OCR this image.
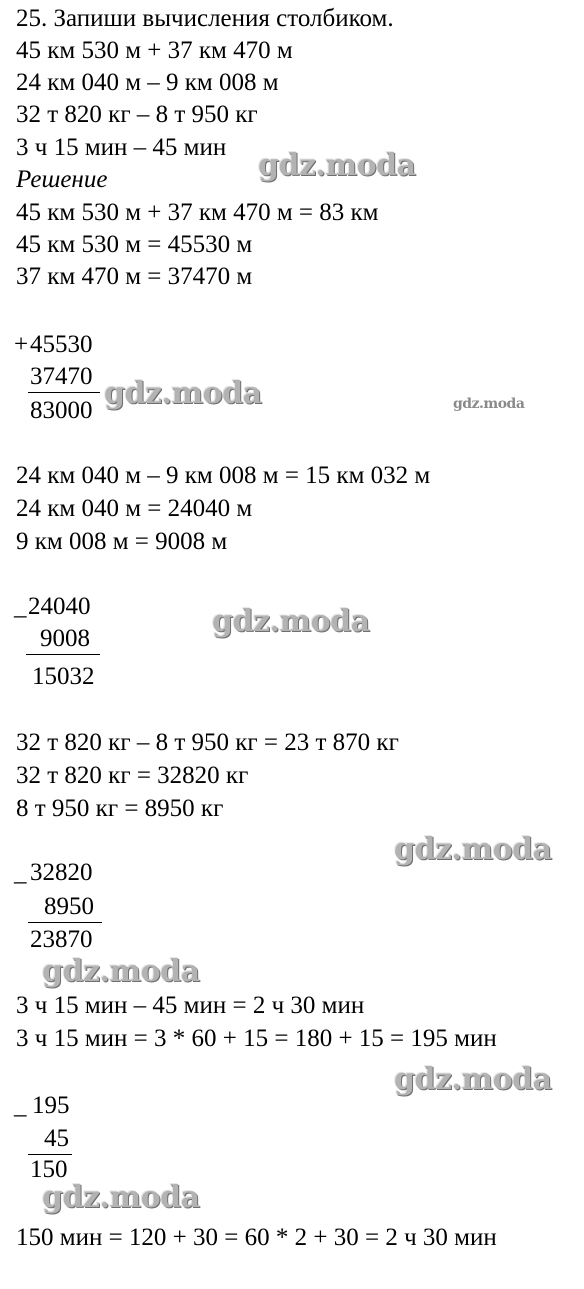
25. Запиши вычисления столбиком.
45 км 530 м + 37 км 470 м
24 км 040 м – 9 км 008 м
32 т 820 кг – 8 т 950 кг
3 ч 15 мин – 45 мин
Решение
45 км 530 м + 37 км 470 м = 83 км
45 км 530 м = 45530 м
37 км 470 м = 37470 м
+ 45530
37470
83000
24 км 040 м – 9 км 008 м = 15 км 032 м
24 км 040 м = 24040 м
9 км 008 м = 9008 м
_ 24040
9008
15032
32 т 820 кг – 8 т 950 кг = 23 т 870 кг
32 т 820 кг = 32820 кг
8 т 950 кг = 8950 кг
_ 32820
8950
23870
3 ч 15 мин – 45 мин = 2 ч 30 мин
3 ч 15 мин = 3 * 60 + 15 = 180 + 15 = 195 мин
_ 195
45
150
150 мин = 120 + 30 = 60 * 2 + 30 = 2 ч 30 мин
gdz.moda
gdz.moda	gdz.moda
gdz.moda
gdz.moda
gdz.moda
gdz.moda
gdz.moda
